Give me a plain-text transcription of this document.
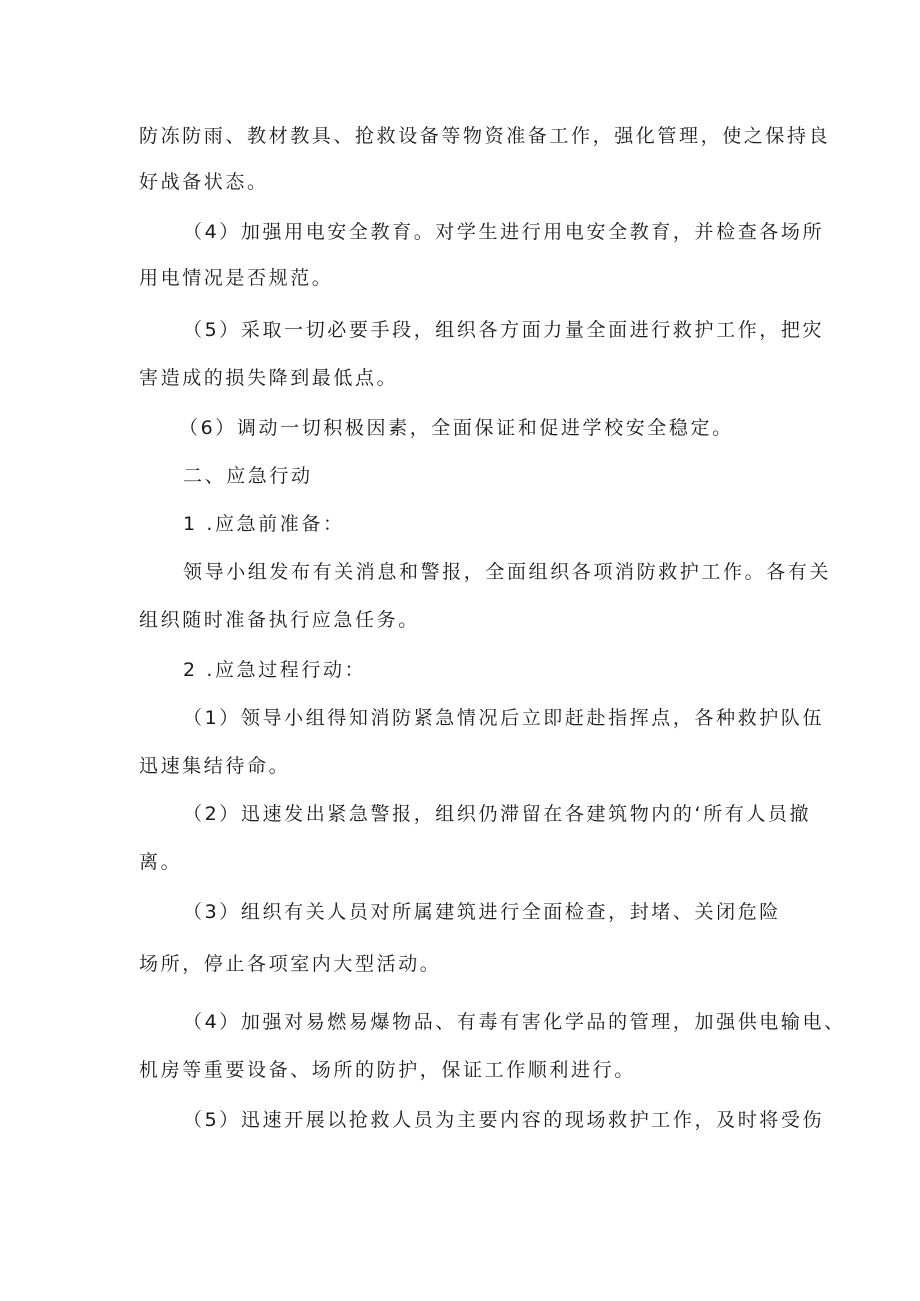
防冻防雨、教材教具、抢救设备等物资准备工作，强化管理，使之保持良
好战备状态。
（4）加强用电安全教育。对学生进行用电安全教育，并检查各场所
用电情况是否规范。
（5）采取一切必要手段，组织各方面力量全面进行救护工作，把灾
害造成的损失降到最低点。
（6）调动一切积极因素，全面保证和促进学校安全稳定。
二、应急行动
1 .应急前准备：
领导小组发布有关消息和警报，全面组织各项消防救护工作。各有关
组织随时准备执行应急任务。
2 .应急过程行动：
（1）领导小组得知消防紧急情况后立即赶赴指挥点，各种救护队伍
迅速集结待命。
（2）迅速发出紧急警报，组织仍滞留在各建筑物内的‘所有人员撤
离。
（3）组织有关人员对所属建筑进行全面检查，封堵、关闭危险
场所，停止各项室内大型活动。
（4）加强对易燃易爆物品、有毒有害化学品的管理，加强供电输电、
机房等重要设备、场所的防护，保证工作顺利进行。
（5）迅速开展以抢救人员为主要内容的现场救护工作，及时将受伤
